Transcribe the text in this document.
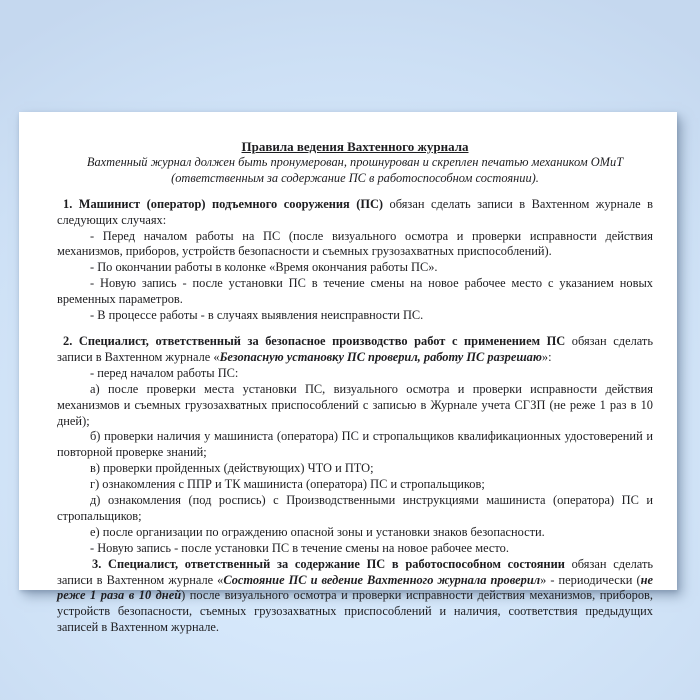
Правила ведения Вахтенного журнала

Вахтенный журнал должен быть пронумерован, прошнурован и скреплен печатью механиком ОМиТ (ответственным за содержание ПС в работоспособном состоянии).

1. Машинист (оператор) подъемного сооружения (ПС) обязан сделать записи в Вахтенном журнале в следующих случаях:

- Перед началом работы на ПС (после визуального осмотра и проверки исправности действия механизмов, приборов, устройств безопасности и съемных грузозахватных приспособлений).

- По окончании работы в колонке «Время окончания работы ПС».

- Новую запись - после установки ПС в течение смены на новое рабочее место с указанием новых временных параметров.

- В процессе работы - в случаях выявления неисправности ПС.

2. Специалист, ответственный за безопасное производство работ с применением ПС обязан сделать записи в Вахтенном журнале «Безопасную установку ПС проверил, работу ПС разрешаю»:

- перед началом работы ПС:

а) после проверки места установки ПС, визуального осмотра и проверки исправности действия механизмов и съемных грузозахватных приспособлений с записью в Журнале учета СГЗП (не реже 1 раз в 10 дней);

б) проверки наличия у машиниста (оператора) ПС и стропальщиков квалификационных удостоверений и повторной проверке знаний;

в) проверки пройденных (действующих) ЧТО и ПТО;

г) ознакомления с ППР и ТК машиниста (оператора) ПС и стропальщиков;

д) ознакомления (под роспись) с Производственными инструкциями машиниста (оператора) ПС и стропальщиков;

е) после организации по ограждению опасной зоны и установки знаков безопасности.

- Новую запись - после установки ПС в течение смены на новое рабочее место.

3. Специалист, ответственный за содержание ПС в работоспособном состоянии обязан сделать записи в Вахтенном журнале «Состояние ПС и ведение Вахтенного журнала проверил» - периодически (не реже 1 раза в 10 дней) после визуального осмотра и проверки исправности действия механизмов, приборов, устройств безопасности, съемных грузозахватных приспособлений и наличия, соответствия предыдущих записей в Вахтенном журнале.
